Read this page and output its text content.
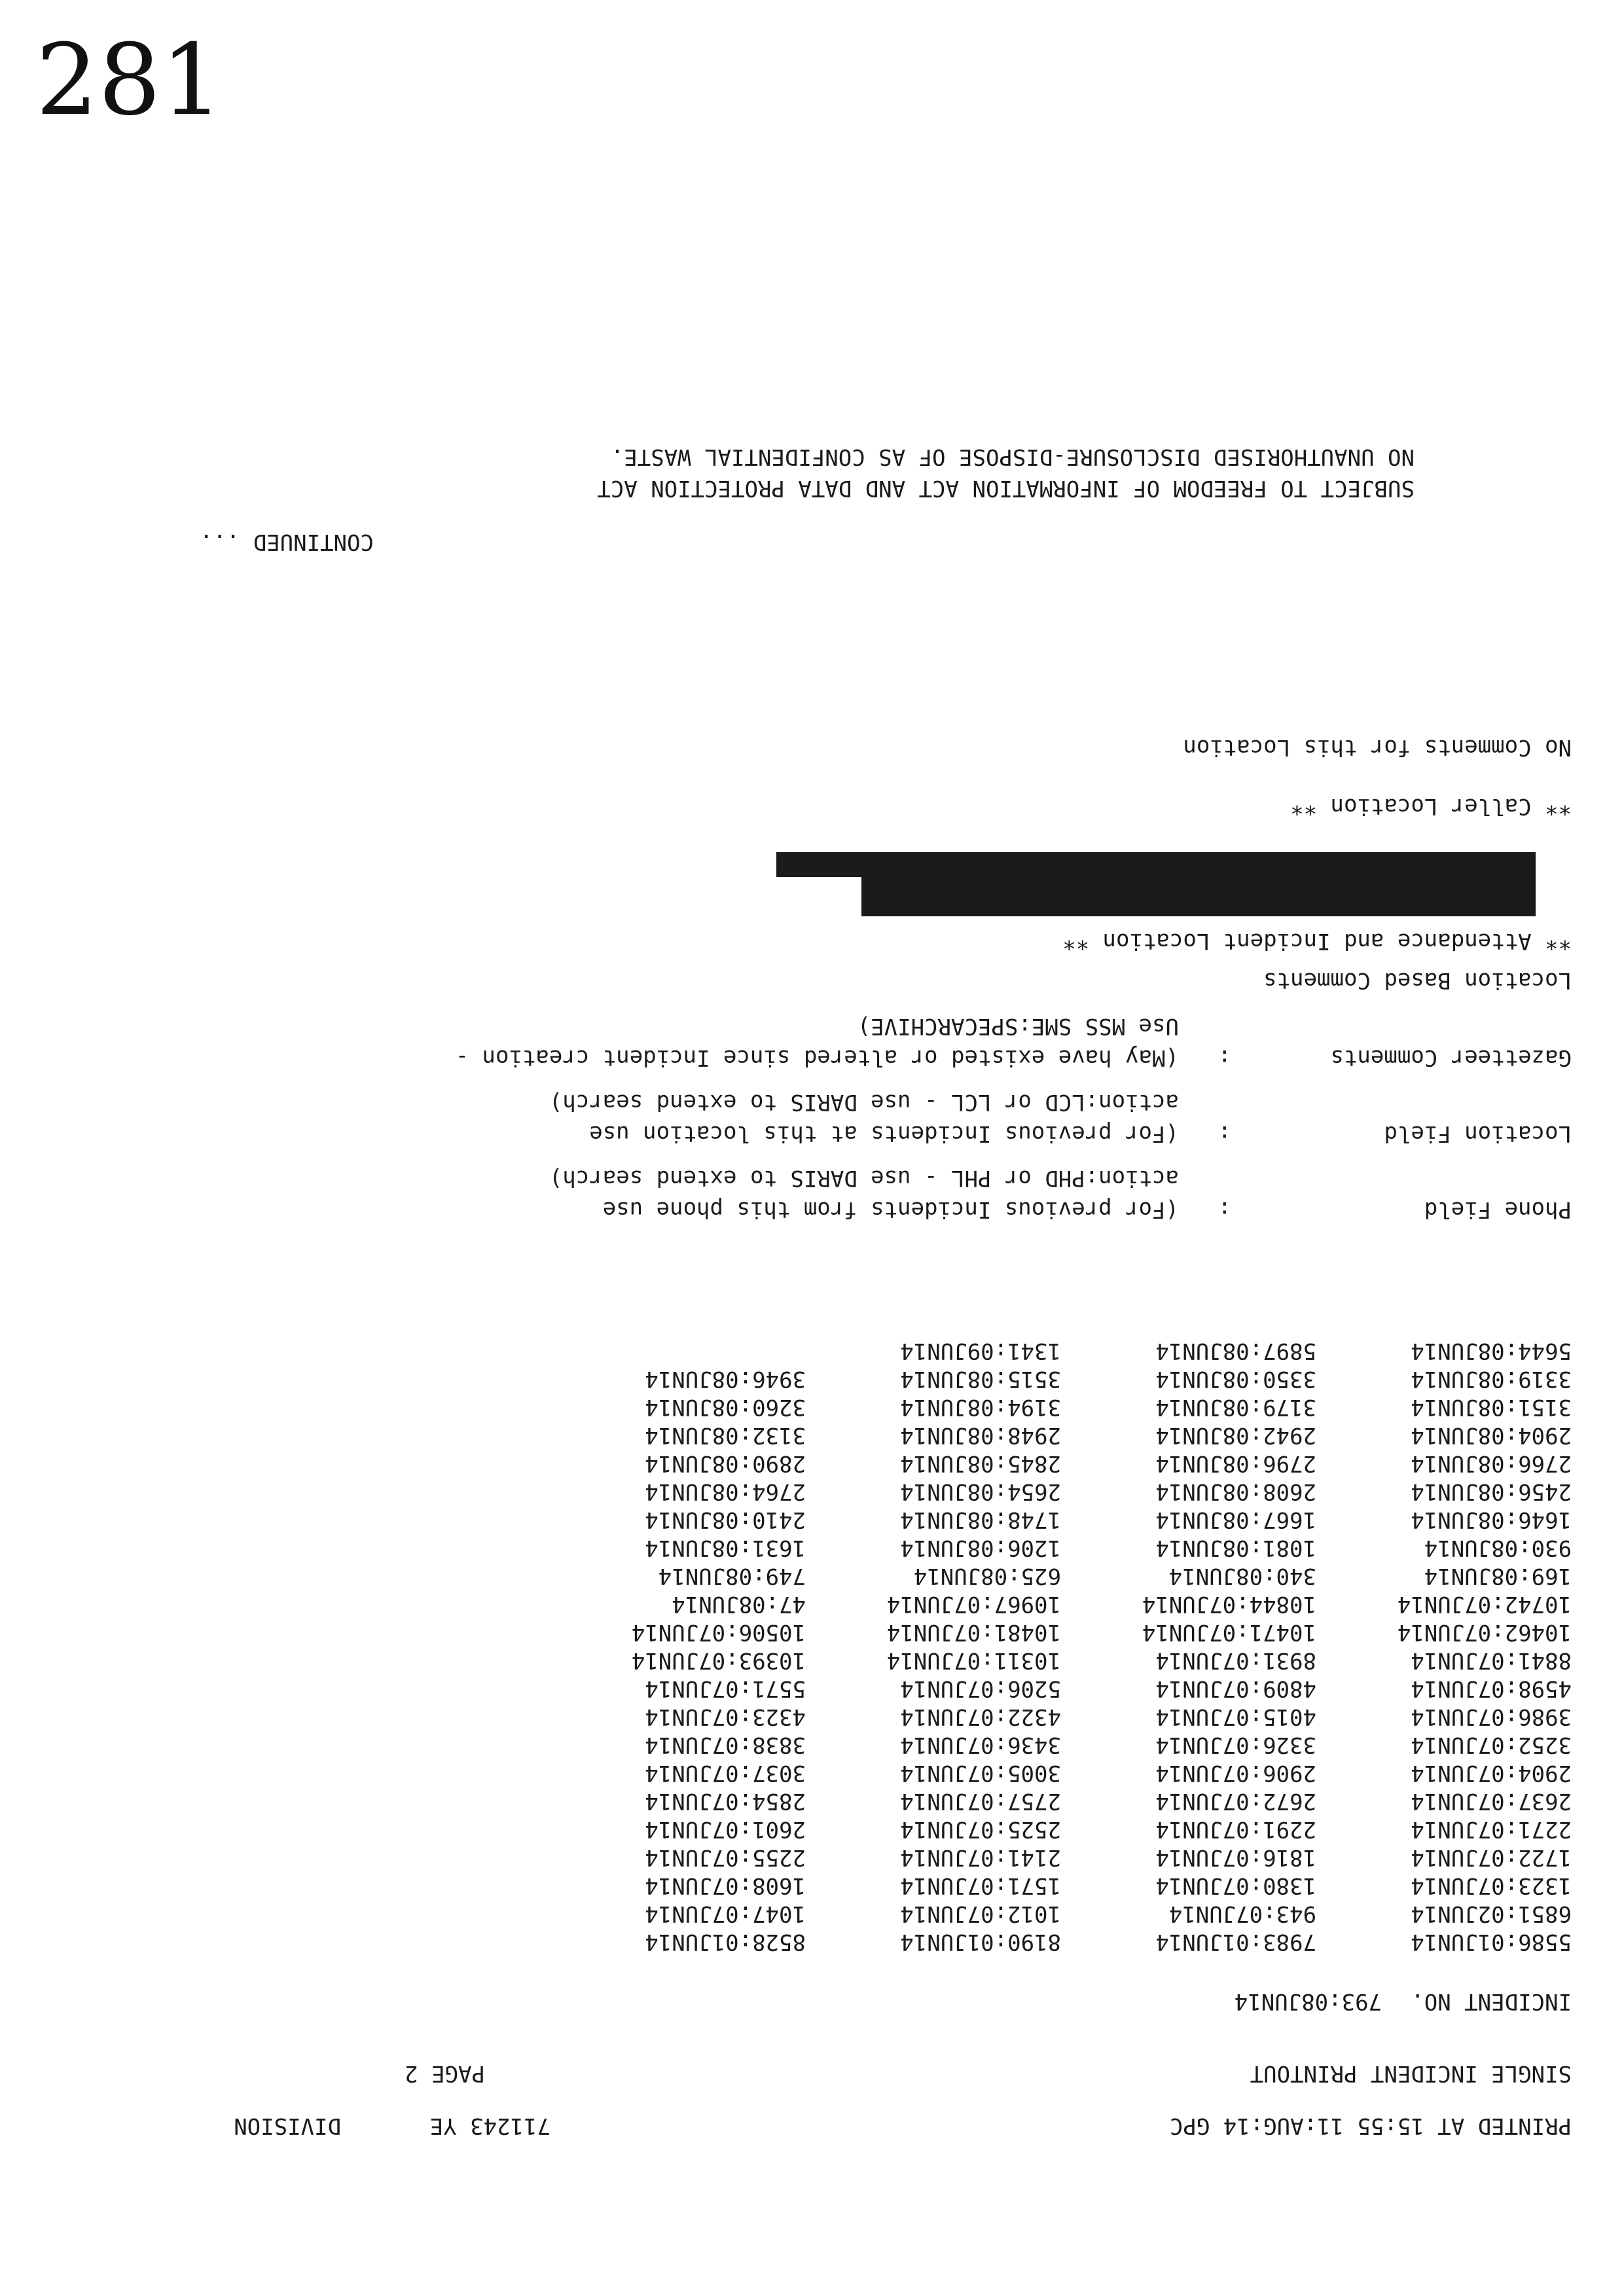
PRINTED AT 15:55 11:AUG:14 GPC
711243 YE
DIVISION
SINGLE INCIDENT PRINTOUT
PAGE 2
INCIDENT NO.
793:08JUN14
5586:01JUN14
6851:02JUN14
1323:07JUN14
1722:07JUN14
2271:07JUN14
2637:07JUN14
2904:07JUN14
3252:07JUN14
3986:07JUN14
4598:07JUN14
8841:07JUN14
10462:07JUN14
10742:07JUN14
169:08JUN14
930:08JUN14
1646:08JUN14
2456:08JUN14
2766:08JUN14
2904:08JUN14
3151:08JUN14
3319:08JUN14
5644:08JUN14
7983:01JUN14
943:07JUN14
1380:07JUN14
1816:07JUN14
2291:07JUN14
2672:07JUN14
2906:07JUN14
3326:07JUN14
4015:07JUN14
4809:07JUN14
8931:07JUN14
10471:07JUN14
10844:07JUN14
340:08JUN14
1081:08JUN14
1667:08JUN14
2608:08JUN14
2796:08JUN14
2942:08JUN14
3179:08JUN14
3350:08JUN14
5897:08JUN14
8190:01JUN14
1012:07JUN14
1571:07JUN14
2141:07JUN14
2525:07JUN14
2757:07JUN14
3005:07JUN14
3436:07JUN14
4322:07JUN14
5206:07JUN14
10311:07JUN14
10481:07JUN14
10967:07JUN14
625:08JUN14
1206:08JUN14
1748:08JUN14
2654:08JUN14
2845:08JUN14
2948:08JUN14
3194:08JUN14
3515:08JUN14
1341:09JUN14
8528:01JUN14
1047:07JUN14
1608:07JUN14
2255:07JUN14
2601:07JUN14
2854:07JUN14
3037:07JUN14
3838:07JUN14
4323:07JUN14
5571:07JUN14
10393:07JUN14
10506:07JUN14
47:08JUN14
749:08JUN14
1631:08JUN14
2410:08JUN14
2764:08JUN14
2890:08JUN14
3132:08JUN14
3260:08JUN14
3946:08JUN14
Phone Field
:
(For previous Incidents from this phone use
action:PHD or PHL - use DARIS to extend search)
Location Field
:
(For previous Incidents at this location use
action:LCD or LCL - use DARIS to extend search)
Gazetteer Comments
:
(May have existed or altered since Incident creation -
Use MSS SME:SPECARCHIVE)
Location Based Comments
** Attendance and Incident Location **
** Caller Location **
No Comments for this Location
CONTINUED ...
SUBJECT TO FREEDOM OF INFORMATION ACT AND DATA PROTECTION ACT
NO UNAUTHORISED DISCLOSURE-DISPOSE OF AS CONFIDENTIAL WASTE.
281
